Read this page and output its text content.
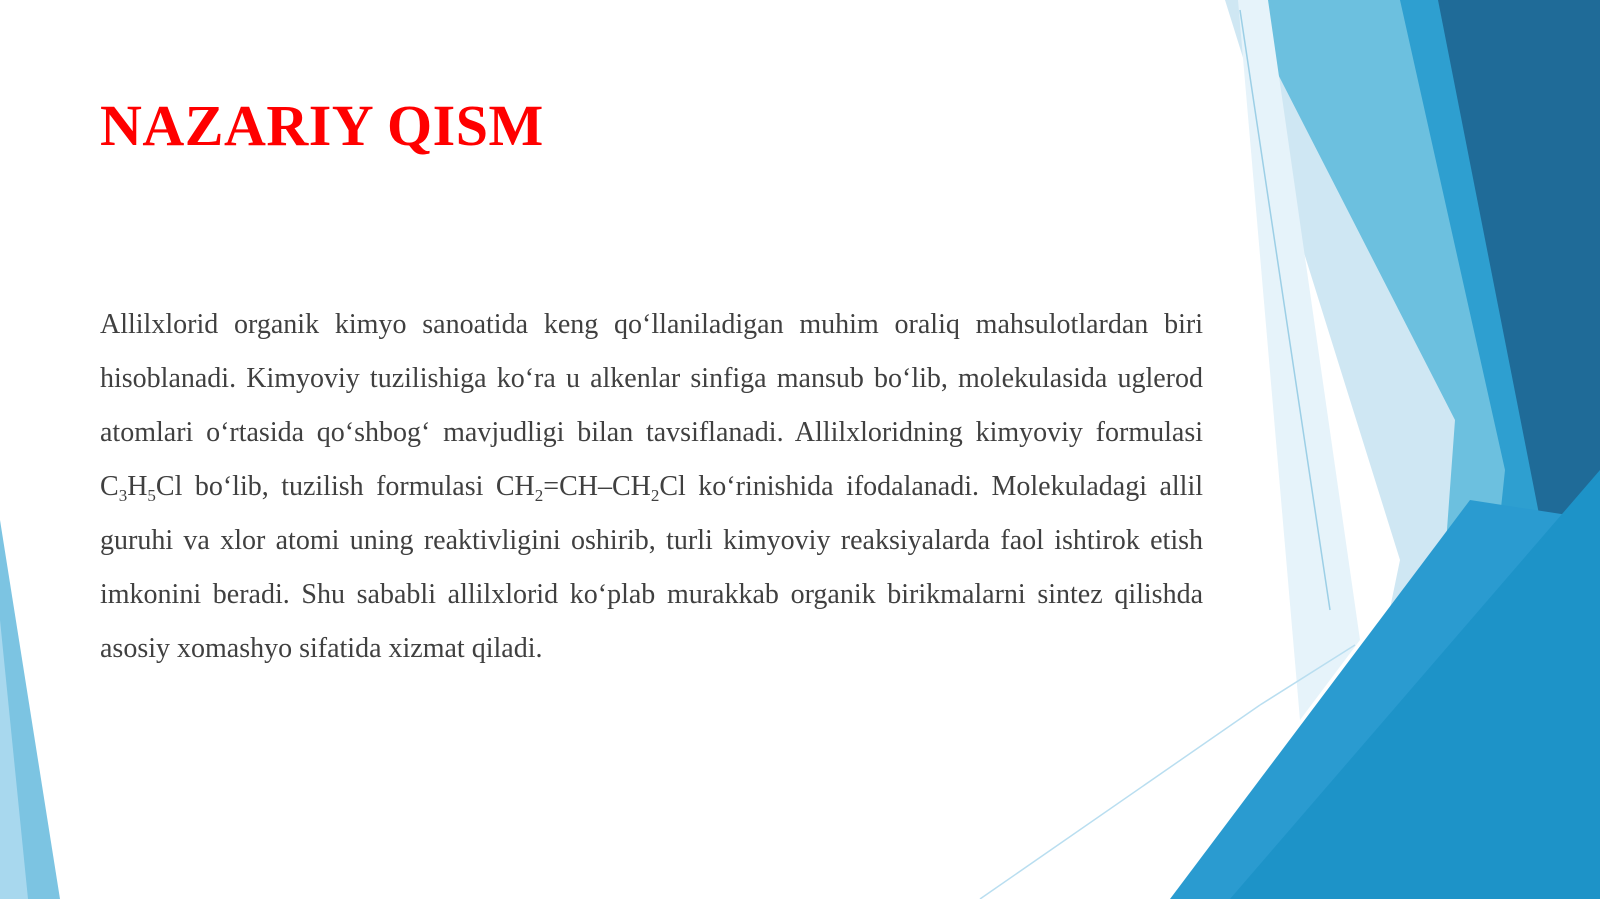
NAZARIY QISM

Allilxlorid organik kimyo sanoatida keng qo‘llaniladigan muhim oraliq mahsulotlardan biri hisoblanadi. Kimyoviy tuzilishiga ko‘ra u alkenlar sinfiga mansub bo‘lib, molekulasida uglerod atomlari o‘rtasida qo‘shbog‘ mavjudligi bilan tavsiflanadi. Allilxloridning kimyoviy formulasi $C_3H_5Cl$ bo‘lib, tuzilish formulasi $CH_2=CH-CH_2Cl$ ko‘rinishida ifodalanadi. Molekuladagi allil guruhi va xlor atomi uning reaktivligini oshirib, turli kimyoviy reaksiyalarda faol ishtirok etish imkonini beradi. Shu sababli allilxlorid ko‘plab murakkab organik birikmalarni sintez qilishda asosiy xomashyo sifatida xizmat qiladi.
